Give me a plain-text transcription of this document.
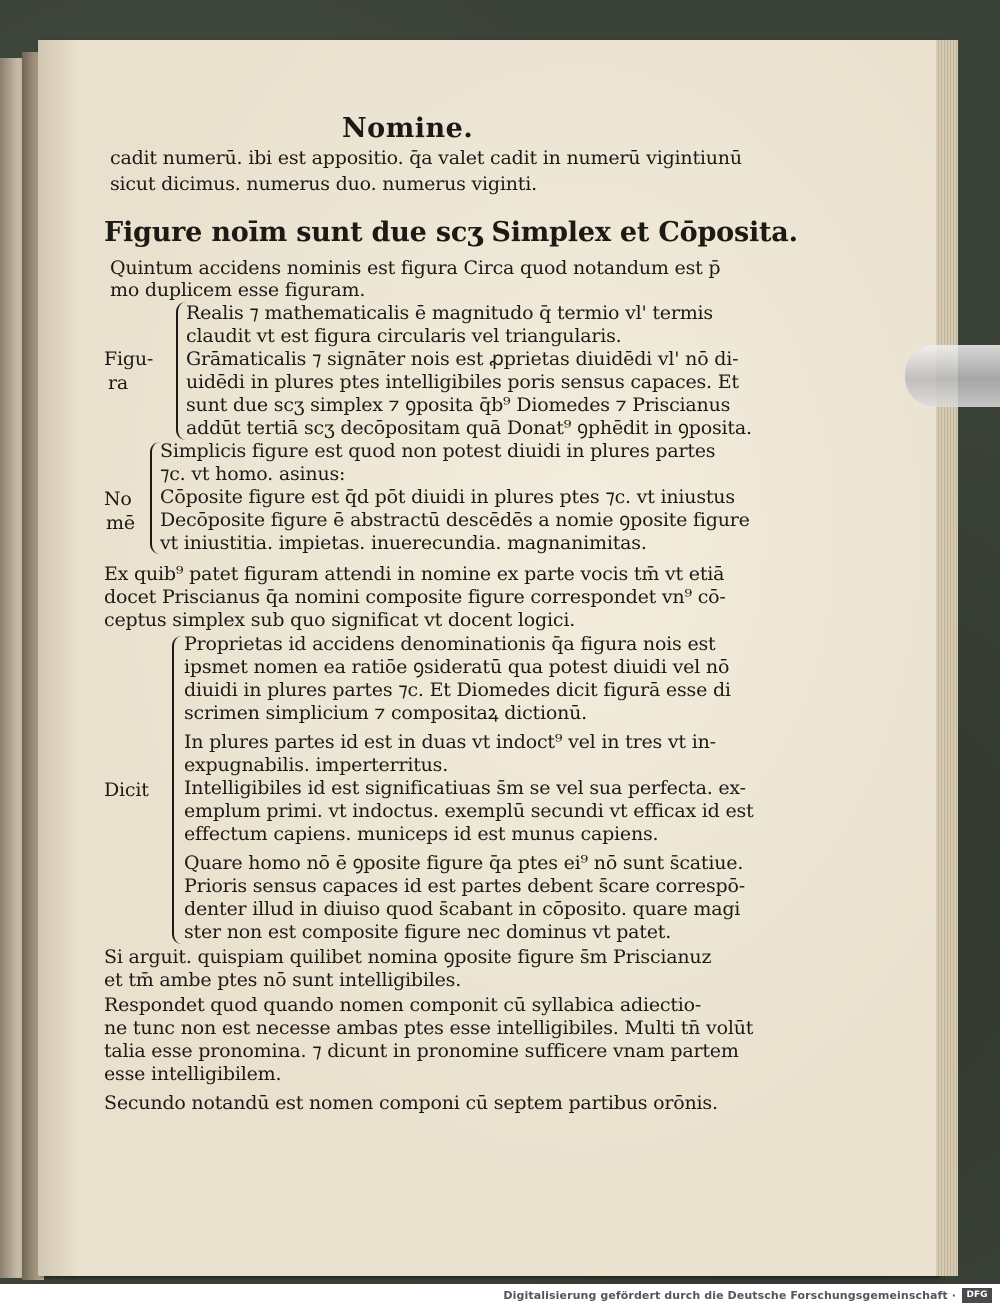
Nomine.

cadit numerū. ibi est appositio. q̄a valet cadit in numerū vigintiunū

sicut dicimus. numerus duo. numerus viginti.

Figure noīm sunt due scʒ Simplex et Cōposita.

Quintum accidens nominis est figura Circa quod notandum est p̄

mo duplicem esse figuram.

Figu-

ra

Realis ⁊ mathematicalis ē magnitudo q̄ termio vl' termis

claudit vt est figura circularis vel triangularis.

Grāmaticalis ⁊ signāter nois est ꝓprietas diuidēdi vl' nō di-

uidēdi in plures ptes intelligibiles poris sensus capaces. Et

sunt due scʒ simplex ⁊ ꝯposita q̄b⁹ Diomedes ⁊ Priscianus

addūt tertiā scʒ decōpositam quā Donat⁹ ꝯphēdit in ꝯposita.

No

mē

Simplicis figure est quod non potest diuidi in plures partes

⁊c. vt homo. asinus:

Cōposite figure est q̄d pōt diuidi in plures ptes ⁊c. vt iniustus

Decōposite figure ē abstractū descēdēs a nomie ꝯposite figure

vt iniustitia. impietas. inuerecundia. magnanimitas.

Ex quib⁹ patet figuram attendi in nomine ex parte vocis tm̄ vt etiā

docet Priscianus q̄a nomini composite figure correspondet vn⁹ cō-

ceptus simplex sub quo significat vt docent logici.

Dicit

Proprietas id accidens denominationis q̄a figura nois est

ipsmet nomen ea ratiōe ꝯsideratū qua potest diuidi vel nō

diuidi in plures partes ⁊c. Et Diomedes dicit figurā esse di

scrimen simplicium ⁊ compositaꝝ dictionū.

In plures partes id est in duas vt indoct⁹ vel in tres vt in-

expugnabilis. imperterritus.

Intelligibiles id est significatiuas s̄m se vel sua perfecta. ex-

emplum primi. vt indoctus. exemplū secundi vt efficax id est

effectum capiens. municeps id est munus capiens.

Quare homo nō ē ꝯposite figure q̄a ptes ei⁹ nō sunt s̄catiue.

Prioris sensus capaces id est partes debent s̄care correspō-

denter illud in diuiso quod s̄cabant in cōposito. quare magi

ster non est composite figure nec dominus vt patet.

Si arguit. quispiam quilibet nomina ꝯposite figure s̄m Priscianuz

et tm̄ ambe ptes nō sunt intelligibiles.

Respondet quod quando nomen componit cū syllabica adiectio-

ne tunc non est necesse ambas ptes esse intelligibiles. Multi tn̄ volūt

talia esse pronomina. ⁊ dicunt in pronomine sufficere vnam partem

esse intelligibilem.

Secundo notandū est nomen componi cū septem partibus orōnis.

Digitalisierung gefördert durch die Deutsche Forschungsgemeinschaft ·	DFG
